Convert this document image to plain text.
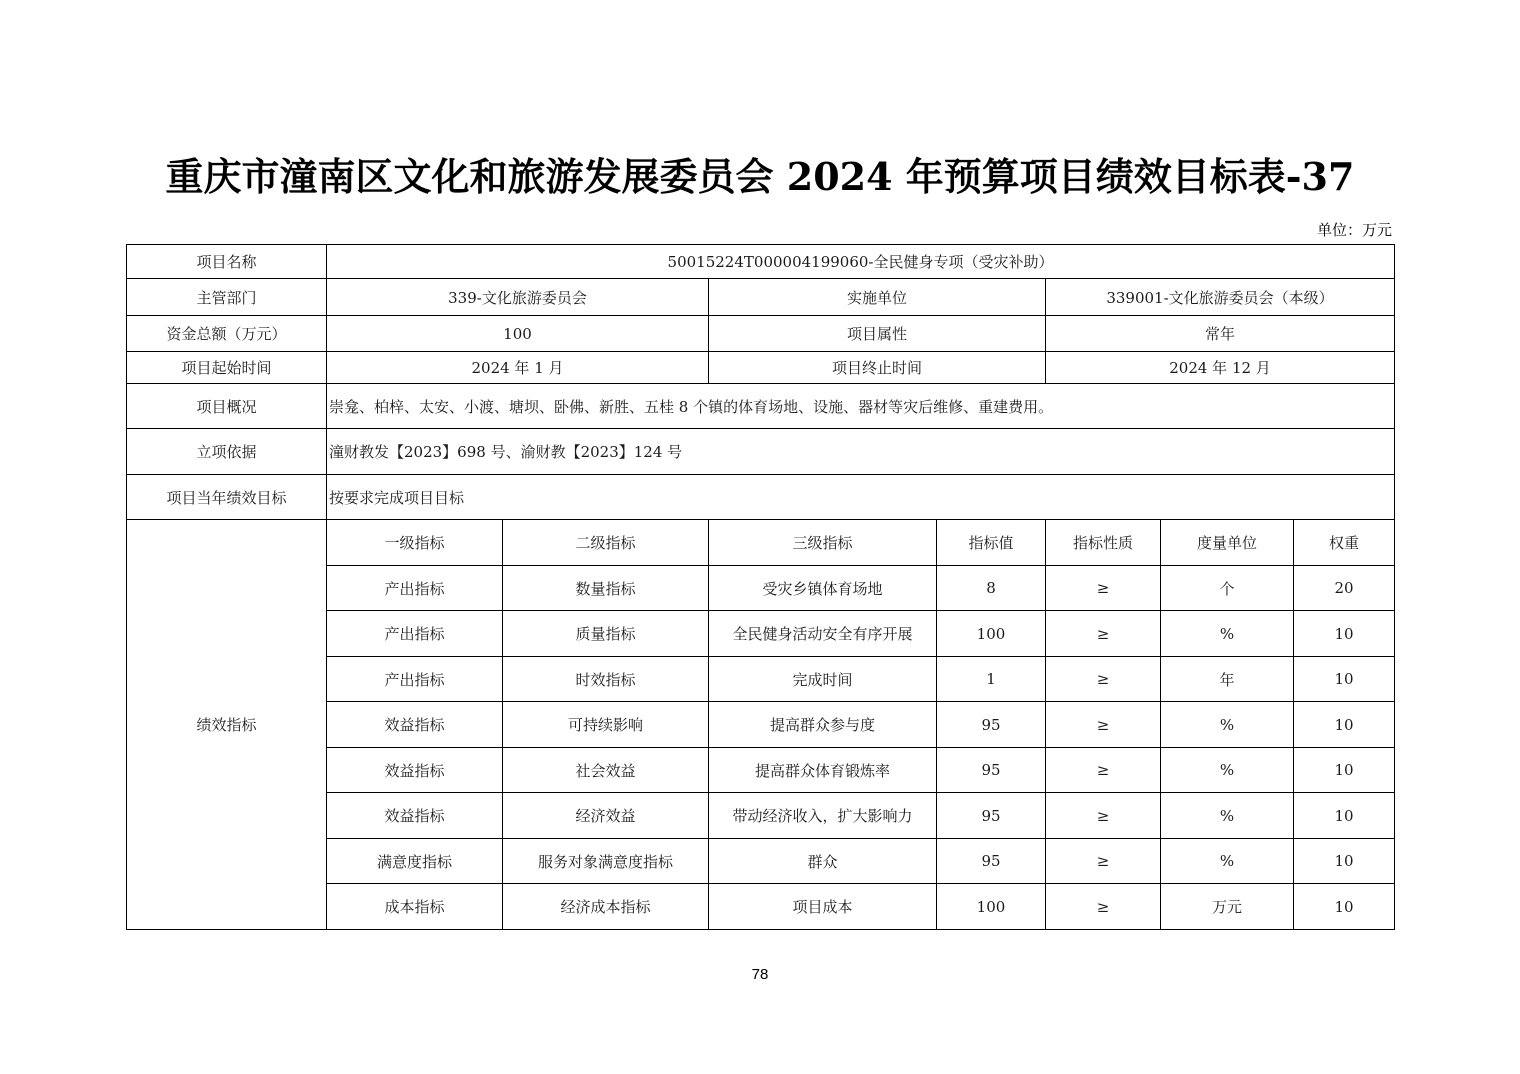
重庆市潼南区文化和旅游发展委员会 2024 年预算项目绩效目标表-37
单位：万元
项目名称	50015224T000004199060-全民健身专项（受灾补助）						
主管部门	339-文化旅游委员会		实施单位		339001-文化旅游委员会（本级）		
资金总额（万元）	100		项目属性		常年		
项目起始时间	2024 年 1 月		项目终止时间		2024 年 12 月		
项目概况	崇龛、柏梓、太安、小渡、塘坝、卧佛、新胜、五桂 8 个镇的体育场地、设施、器材等灾后维修、重建费用。						
立项依据	潼财教发【2023】698 号、渝财教【2023】124 号						
项目当年绩效目标	按要求完成项目目标						
绩效指标	一级指标	二级指标	三级指标	指标值	指标性质	度量单位	权重
	产出指标	数量指标	受灾乡镇体育场地	8	≥	个	20
	产出指标	质量指标	全民健身活动安全有序开展	100	≥	%	10
	产出指标	时效指标	完成时间	1	≥	年	10
	效益指标	可持续影响	提高群众参与度	95	≥	%	10
	效益指标	社会效益	提高群众体育锻炼率	95	≥	%	10
	效益指标	经济效益	带动经济收入，扩大影响力	95	≥	%	10
	满意度指标	服务对象满意度指标	群众	95	≥	%	10
	成本指标	经济成本指标	项目成本	100	≥	万元	10
78
